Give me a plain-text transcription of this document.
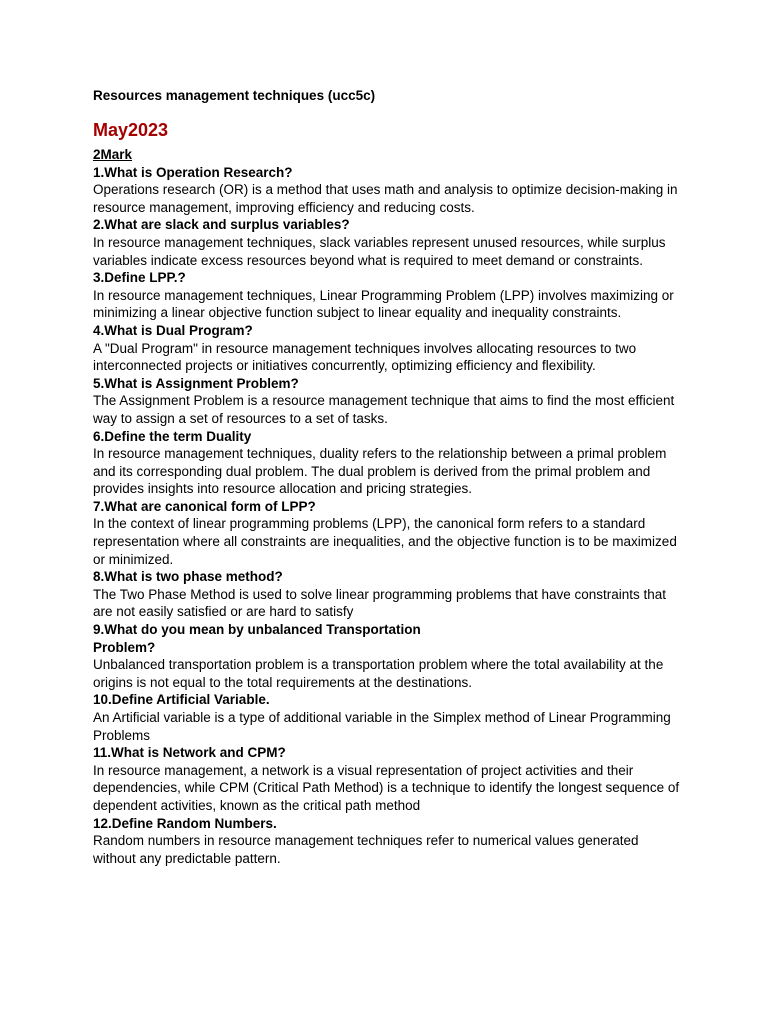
Resources management techniques (ucc5c)

May2023

2Mark

1.What is Operation Research?

Operations research (OR) is a method that uses math and analysis to optimize decision-making in resource management, improving efficiency and reducing costs.

2.What are slack and surplus variables?

In resource management techniques, slack variables represent unused resources, while surplus variables indicate excess resources beyond what is required to meet demand or constraints.

3.Define LPP.?

In resource management techniques, Linear Programming Problem (LPP) involves maximizing or minimizing a linear objective function subject to linear equality and inequality constraints.

4.What is Dual Program?

A "Dual Program" in resource management techniques involves allocating resources to two interconnected projects or initiatives concurrently, optimizing efficiency and flexibility.

5.What is Assignment Problem?

The Assignment Problem is a resource management technique that aims to find the most efficient way to assign a set of resources to a set of tasks.

6.Define the term Duality

In resource management techniques, duality refers to the relationship between a primal problem and its corresponding dual problem. The dual problem is derived from the primal problem and provides insights into resource allocation and pricing strategies.

7.What are canonical form of LPP?

In the context of linear programming problems (LPP), the canonical form refers to a standard representation where all constraints are inequalities, and the objective function is to be maximized or minimized.

8.What is two phase method?

The Two Phase Method is used to solve linear programming problems that have constraints that are not easily satisfied or are hard to satisfy

9.What do you mean by unbalanced Transportation Problem?

Unbalanced transportation problem is a transportation problem where the total availability at the origins is not equal to the total requirements at the destinations.

10.Define Artificial Variable.

An Artificial variable is a type of additional variable in the Simplex method of Linear Programming Problems

11.What is Network and CPM?

In resource management, a network is a visual representation of project activities and their dependencies, while CPM (Critical Path Method) is a technique to identify the longest sequence of dependent activities, known as the critical path method

12.Define Random Numbers.

Random numbers in resource management techniques refer to numerical values generated without any predictable pattern.
